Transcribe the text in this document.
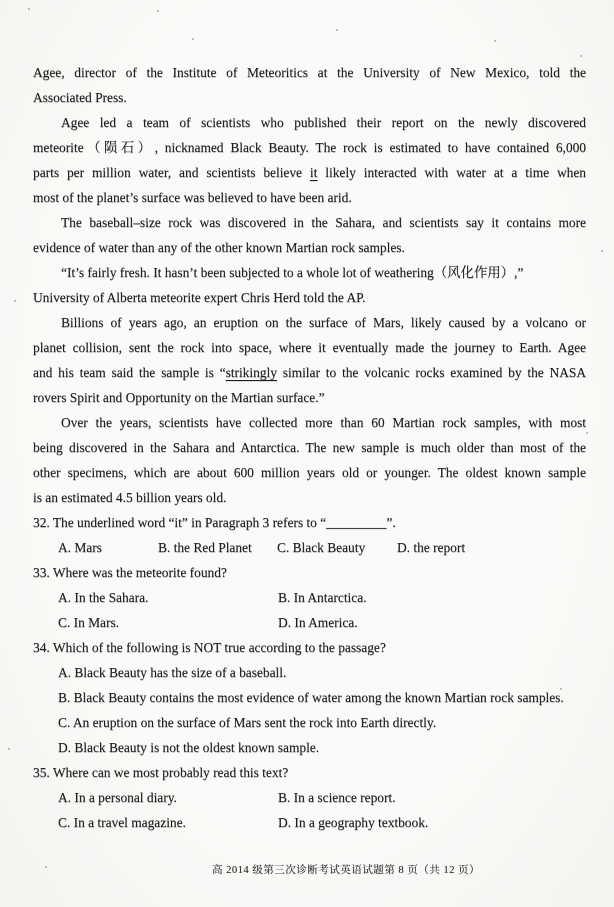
Agee, director of the Institute of Meteoritics at the University of New Mexico, told the
Associated Press.
Agee led a team of scientists who published their report on the newly discovered
meteorite（陨石）, nicknamed Black Beauty. The rock is estimated to have contained 6,000
parts per million water, and scientists believe it likely interacted with water at a time when
most of the planet’s surface was believed to have been arid.
The baseball–size rock was discovered in the Sahara, and scientists say it contains more
evidence of water than any of the other known Martian rock samples.
“It’s fairly fresh. It hasn’t been subjected to a whole lot of weathering（风化作用）,”
University of Alberta meteorite expert Chris Herd told the AP.
Billions of years ago, an eruption on the surface of Mars, likely caused by a volcano or
planet collision, sent the rock into space, where it eventually made the journey to Earth. Agee
and his team said the sample is “strikingly similar to the volcanic rocks examined by the NASA
rovers Spirit and Opportunity on the Martian surface.”
Over the years, scientists have collected more than 60 Martian rock samples, with most
being discovered in the Sahara and Antarctica. The new sample is much older than most of the
other specimens, which are about 600 million years old or younger. The oldest known sample
is an estimated 4.5 billion years old.
32. The underlined word “it” in Paragraph 3 refers to “_________”.
A. Mars	B. the Red Planet	C. Black Beauty	D. the report
33. Where was the meteorite found?
A. In the Sahara.	B. In Antarctica.
C. In Mars.	D. In America.
34. Which of the following is NOT true according to the passage?
A. Black Beauty has the size of a baseball.
B. Black Beauty contains the most evidence of water among the known Martian rock samples.
C. An eruption on the surface of Mars sent the rock into Earth directly.
D. Black Beauty is not the oldest known sample.
35. Where can we most probably read this text?
A. In a personal diary.	B. In a science report.
C. In a travel magazine.	D. In a geography textbook.
高 2014 级第三次诊断考试英语试题第 8 页（共 12 页）
